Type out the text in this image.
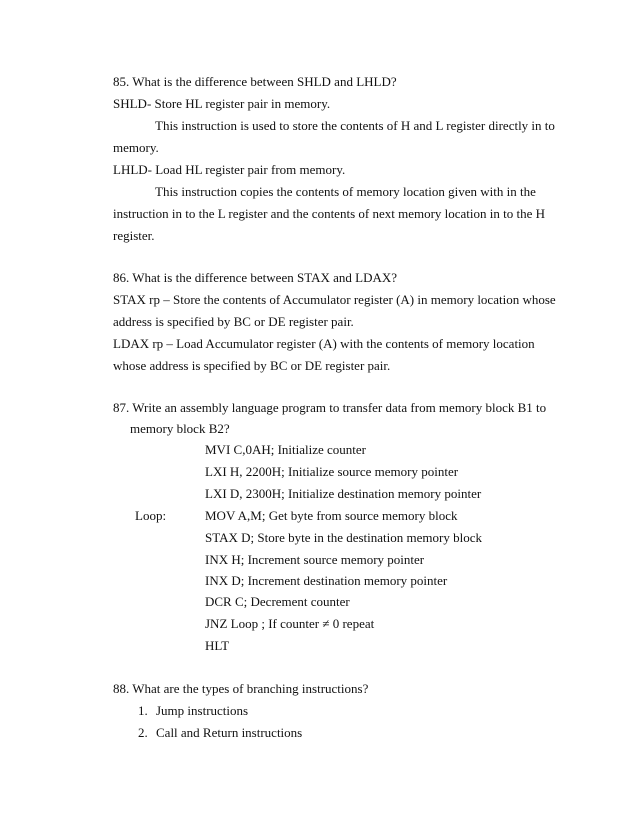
85. What is the difference between SHLD and LHLD?
SHLD- Store HL register pair in memory.
This instruction is used to store the contents of H and L register directly in to
memory.
LHLD- Load HL register pair from memory.
This instruction copies the contents of memory location given with in the
instruction in to the L register and the contents of next memory location in to the H
register.
86. What is the difference between STAX and LDAX?
STAX rp – Store the contents of Accumulator register (A) in memory location whose
address is specified by BC or DE register pair.
LDAX rp – Load Accumulator register (A) with the contents of memory location
whose address is specified by BC or DE register pair.
87. Write an assembly language program to transfer data from memory block B1 to
memory block B2?
MVI C,0AH; Initialize counter
LXI H, 2200H; Initialize source memory pointer
LXI D, 2300H; Initialize destination memory pointer
Loop:	MOV A,M; Get byte from source memory block
STAX D; Store byte in the destination memory block
INX H; Increment source memory pointer
INX D; Increment destination memory pointer
DCR C; Decrement counter
JNZ Loop ; If counter ≠ 0 repeat
HLT
88. What are the types of branching instructions?
1. Jump instructions
2. Call and Return instructions
